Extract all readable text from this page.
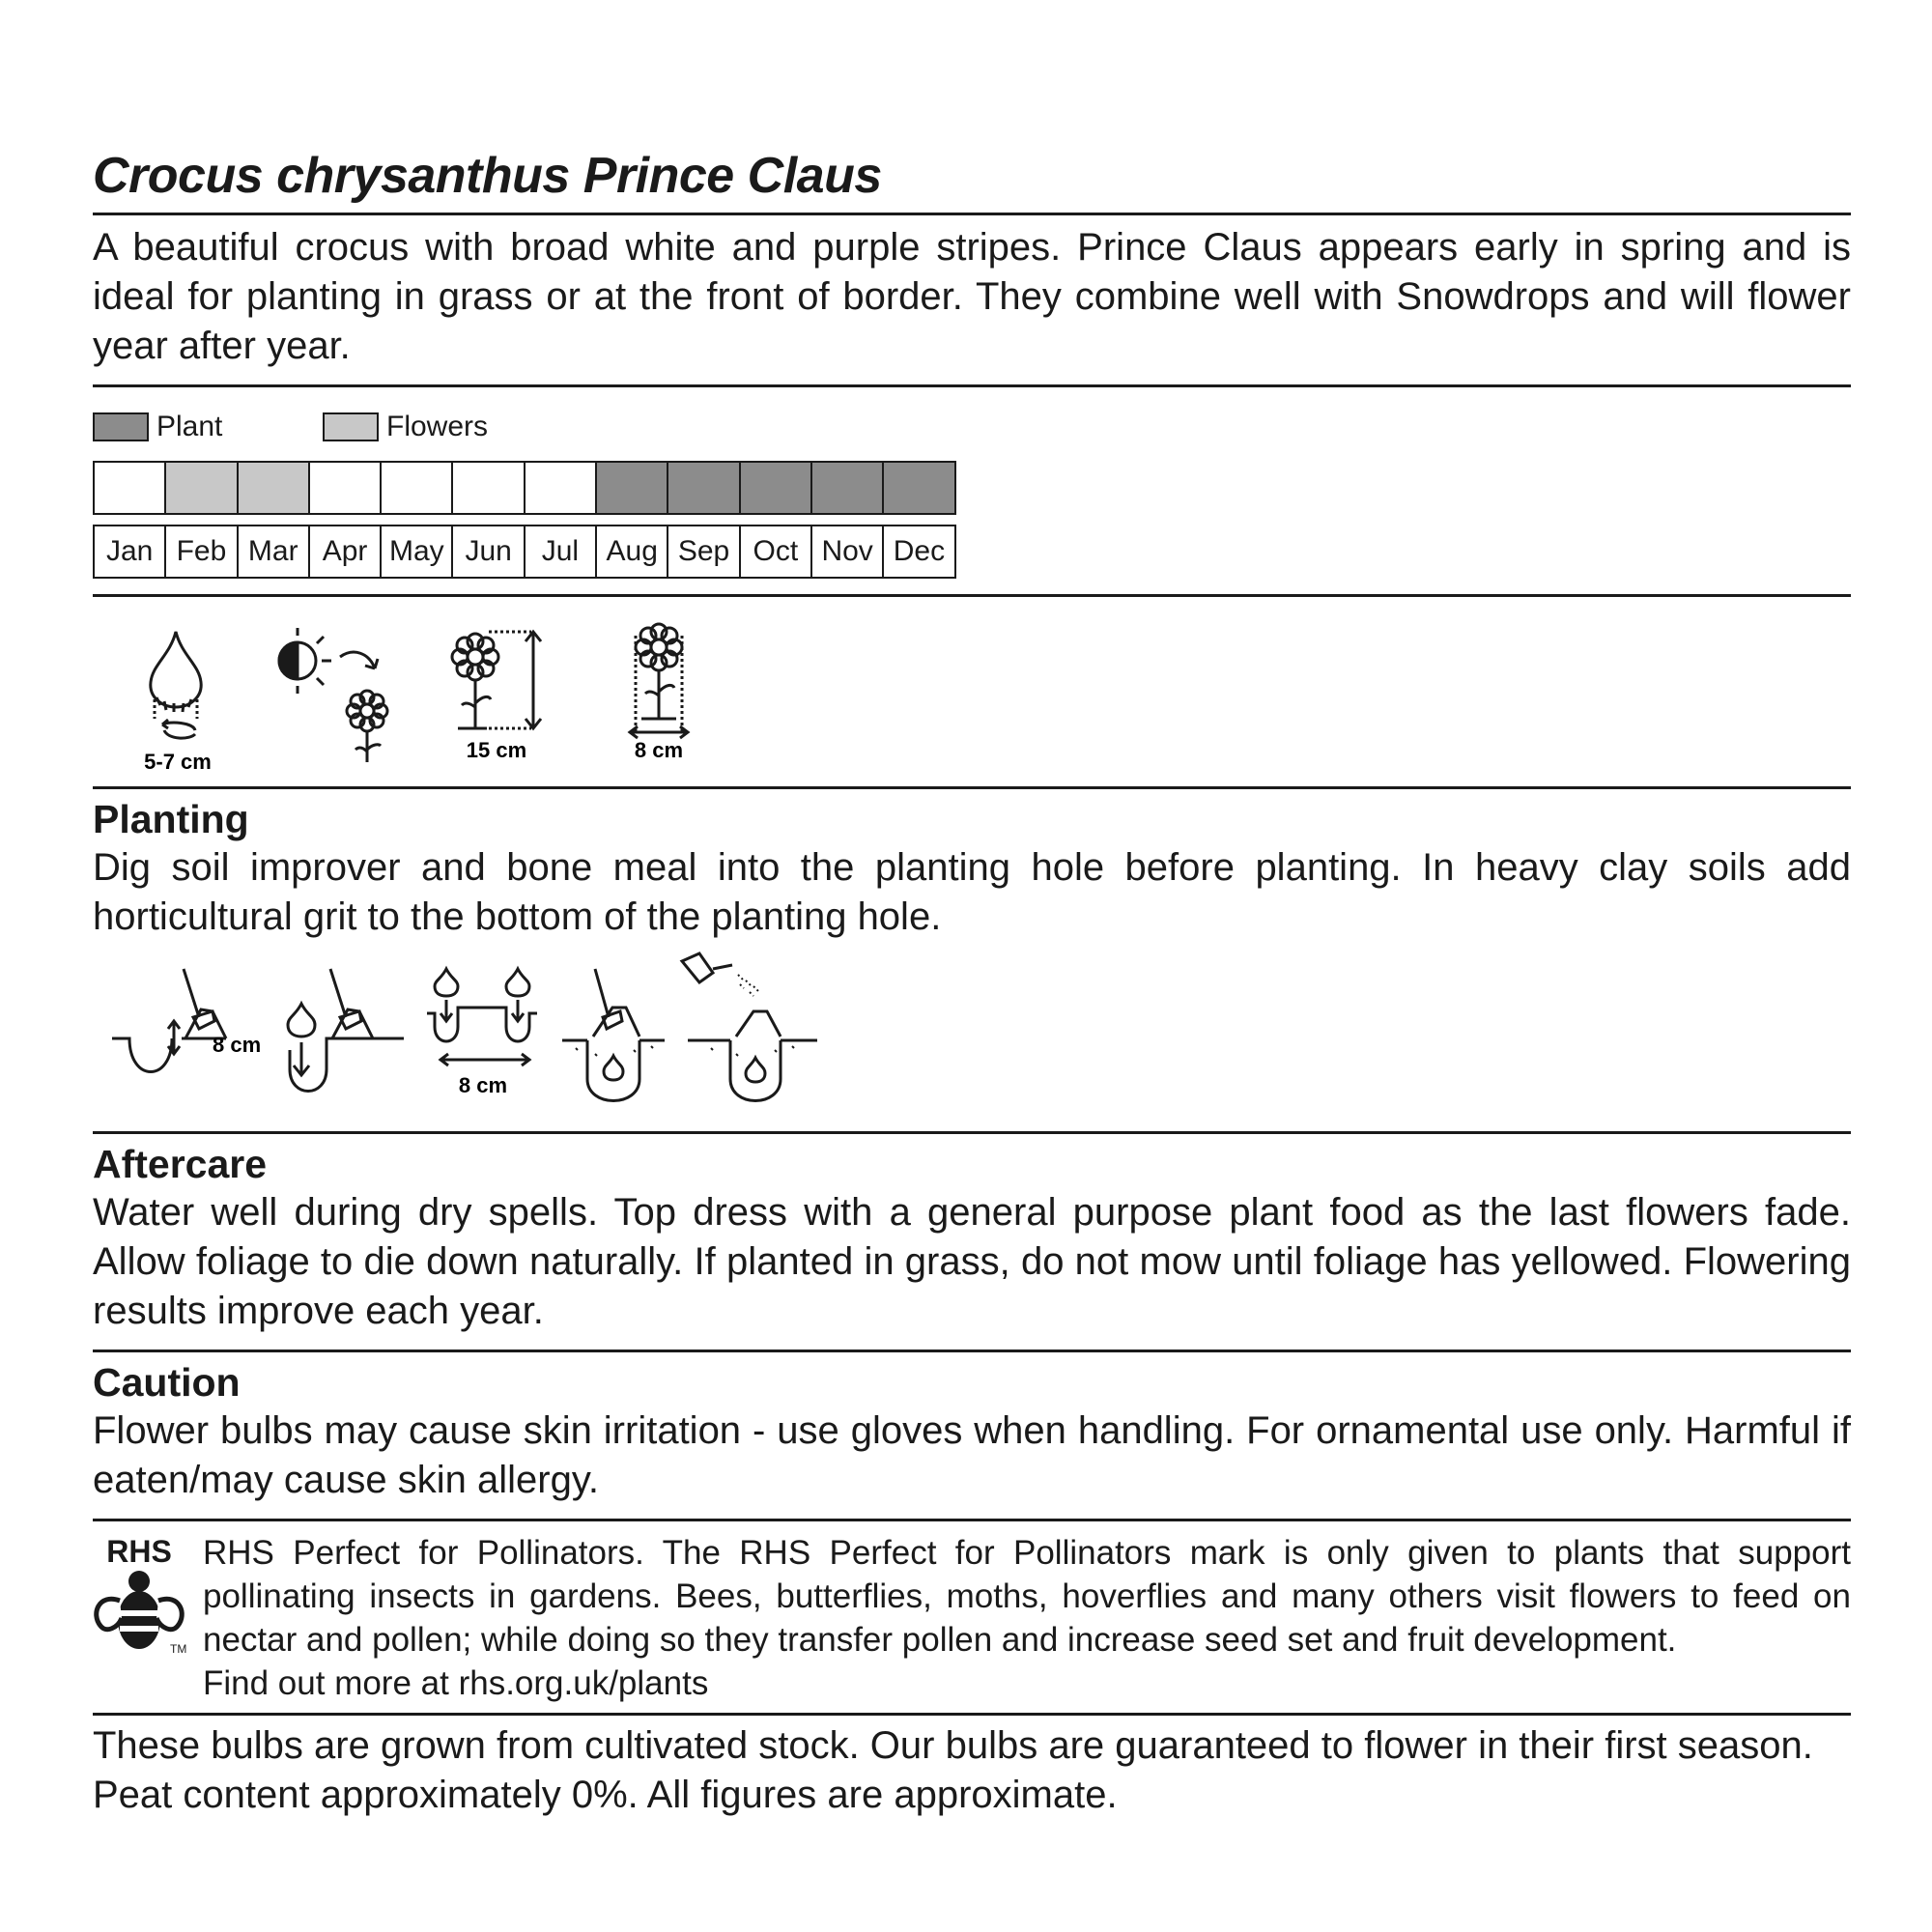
Crocus chrysanthus Prince Claus

A beautiful crocus with broad white and purple stripes. Prince Claus appears early in spring and is ideal for planting in grass or at the front of border. They combine well with Snowdrops and will flower year after year.

Plant	Flowers
Jan Feb Mar Apr May Jun	Jul Aug Sep Oct Nov Dec
5-7 cm	15 cm	8 cm
Planting

Dig soil improver and bone meal into the planting hole before planting. In heavy clay soils add horticultural grit to the bottom of the planting hole.

8 cm
8 cm
Aftercare

Water well during dry spells. Top dress with a general purpose plant food as the last flowers fade. Allow foliage to die down naturally. If planted in grass, do not mow until foliage has yellowed. Flowering results improve each year.

Caution

Flower bulbs may cause skin irritation - use gloves when handling. For ornamental use only. Harmful if eaten/may cause skin allergy.

RHS
TM

RHS Perfect for Pollinators. The RHS Perfect for Pollinators mark is only given to plants that support pollinating insects in gardens. Bees, butterflies, moths, hoverflies and many others visit flowers to feed on nectar and pollen; while doing so they transfer pollen and increase seed set and fruit development.
Find out more at rhs.org.uk/plants

These bulbs are grown from cultivated stock. Our bulbs are guaranteed to flower in their first season. Peat content approximately 0%. All figures are approximate.
